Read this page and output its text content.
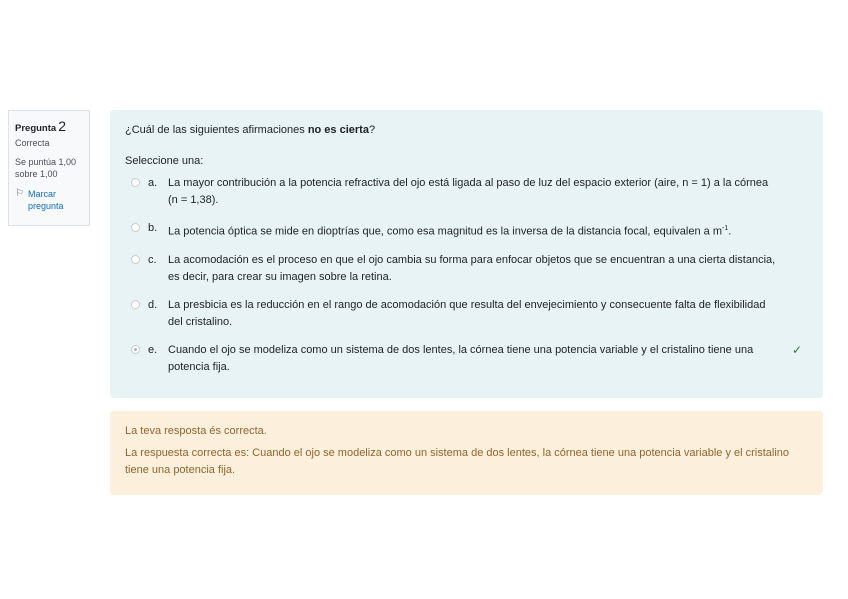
Pregunta 2
Correcta
Se puntúa 1,00 sobre 1,00
⚐ Marcar pregunta
¿Cuál de las siguientes afirmaciones no es cierta?
Seleccione una:
a. La mayor contribución a la potencia refractiva del ojo está ligada al paso de luz del espacio exterior (aire, n = 1) a la córnea (n = 1,38).
b. La potencia óptica se mide en dioptrías que, como esa magnitud es la inversa de la distancia focal, equivalen a $m^{-1}$.
c.	La acomodación es el proceso en que el ojo cambia su forma para enfocar objetos que se encuentran a una cierta distancia, es decir, para crear su imagen sobre la retina.
d. La presbicia es la reducción en el rango de acomodación que resulta del envejecimiento y consecuente falta de flexibilidad del cristalino.
e. Cuando el ojo se modeliza como un sistema de dos lentes, la córnea tiene una potencia variable y el cristalino tiene una potencia fija.
✓
La teva resposta és correcta.
La respuesta correcta es: Cuando el ojo se modeliza como un sistema de dos lentes, la córnea tiene una potencia variable y el cristalino tiene una potencia fija.
